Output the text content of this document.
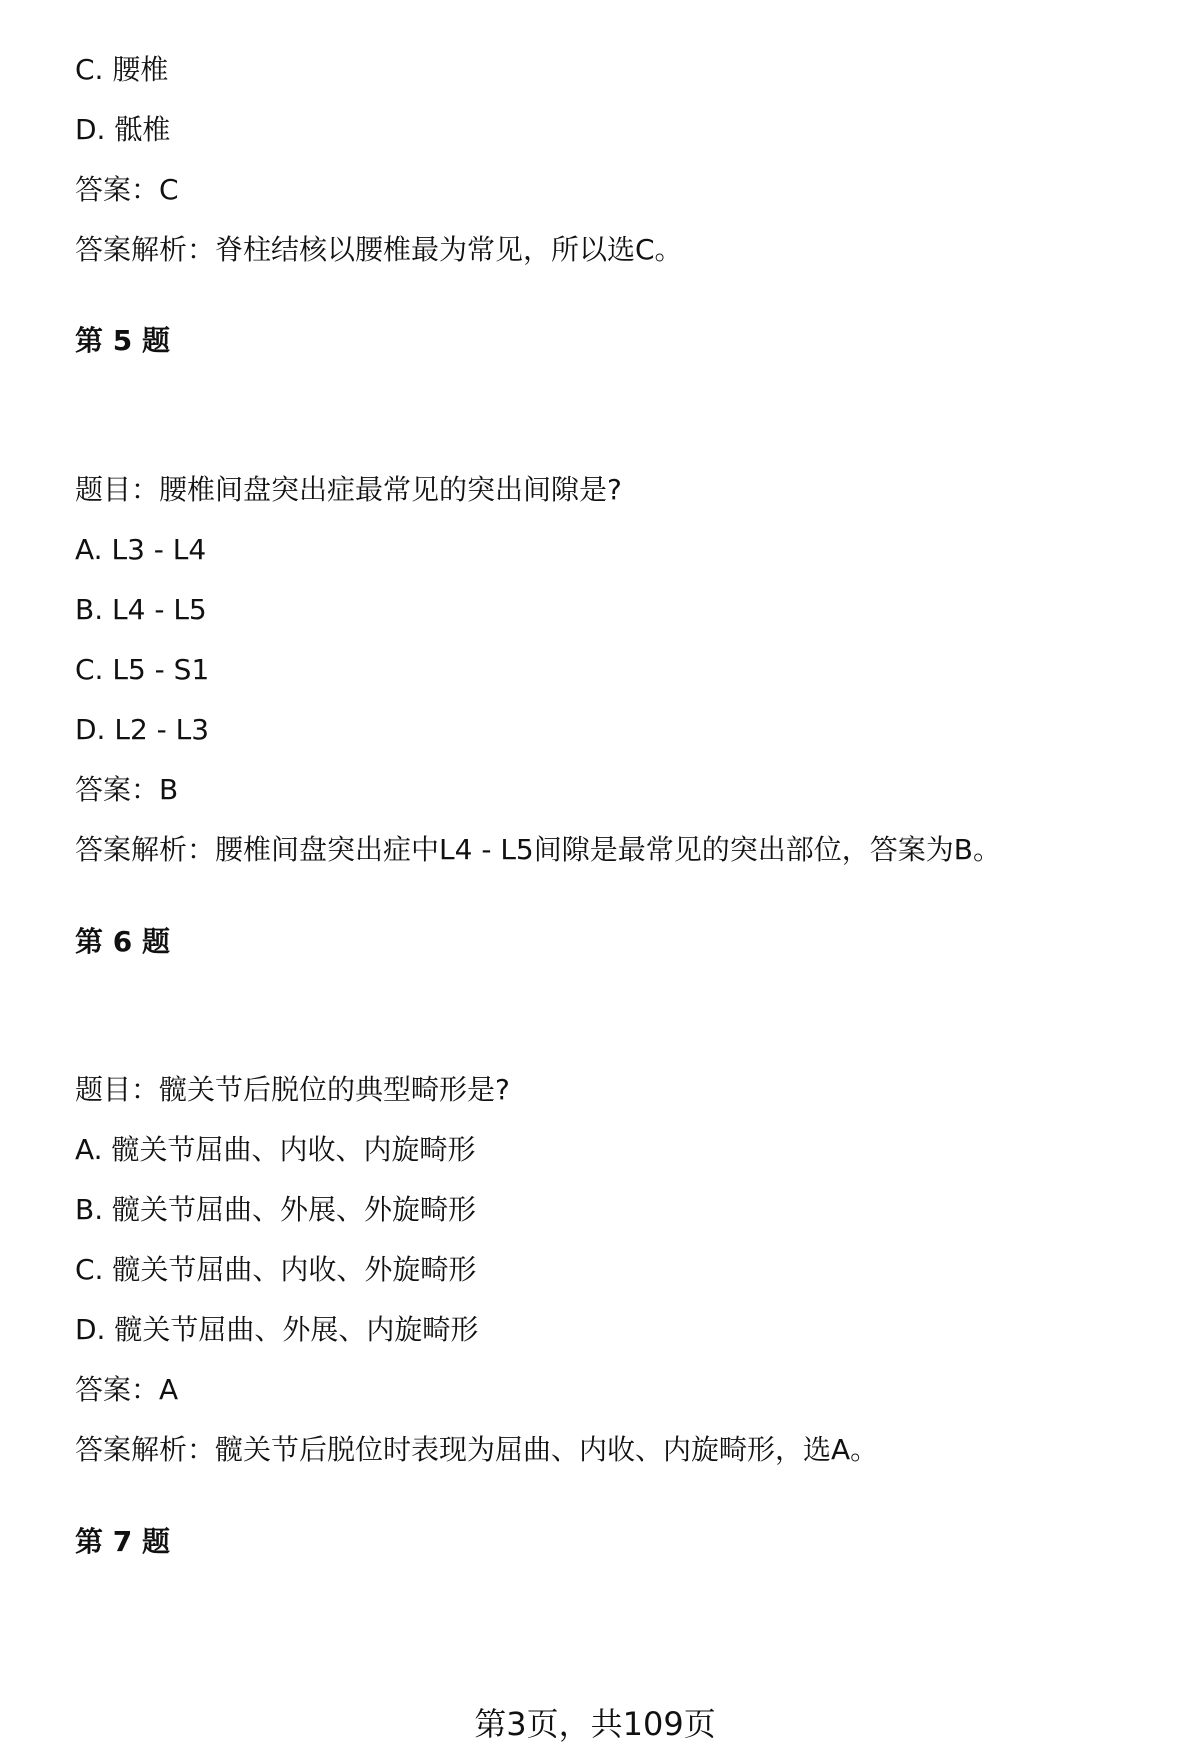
C. 腰椎
D. 骶椎
答案：C
答案解析：脊柱结核以腰椎最为常见，所以选C。
第 5 题
题目：腰椎间盘突出症最常见的突出间隙是?
A. L3 - L4
B. L4 - L5
C. L5 - S1
D. L2 - L3
答案：B
答案解析：腰椎间盘突出症中L4 - L5间隙是最常见的突出部位，答案为B。
第 6 题
题目：髋关节后脱位的典型畸形是?
A. 髋关节屈曲、内收、内旋畸形
B. 髋关节屈曲、外展、外旋畸形
C. 髋关节屈曲、内收、外旋畸形
D. 髋关节屈曲、外展、内旋畸形
答案：A
答案解析：髋关节后脱位时表现为屈曲、内收、内旋畸形，选A。
第 7 题
第3页，共109页
